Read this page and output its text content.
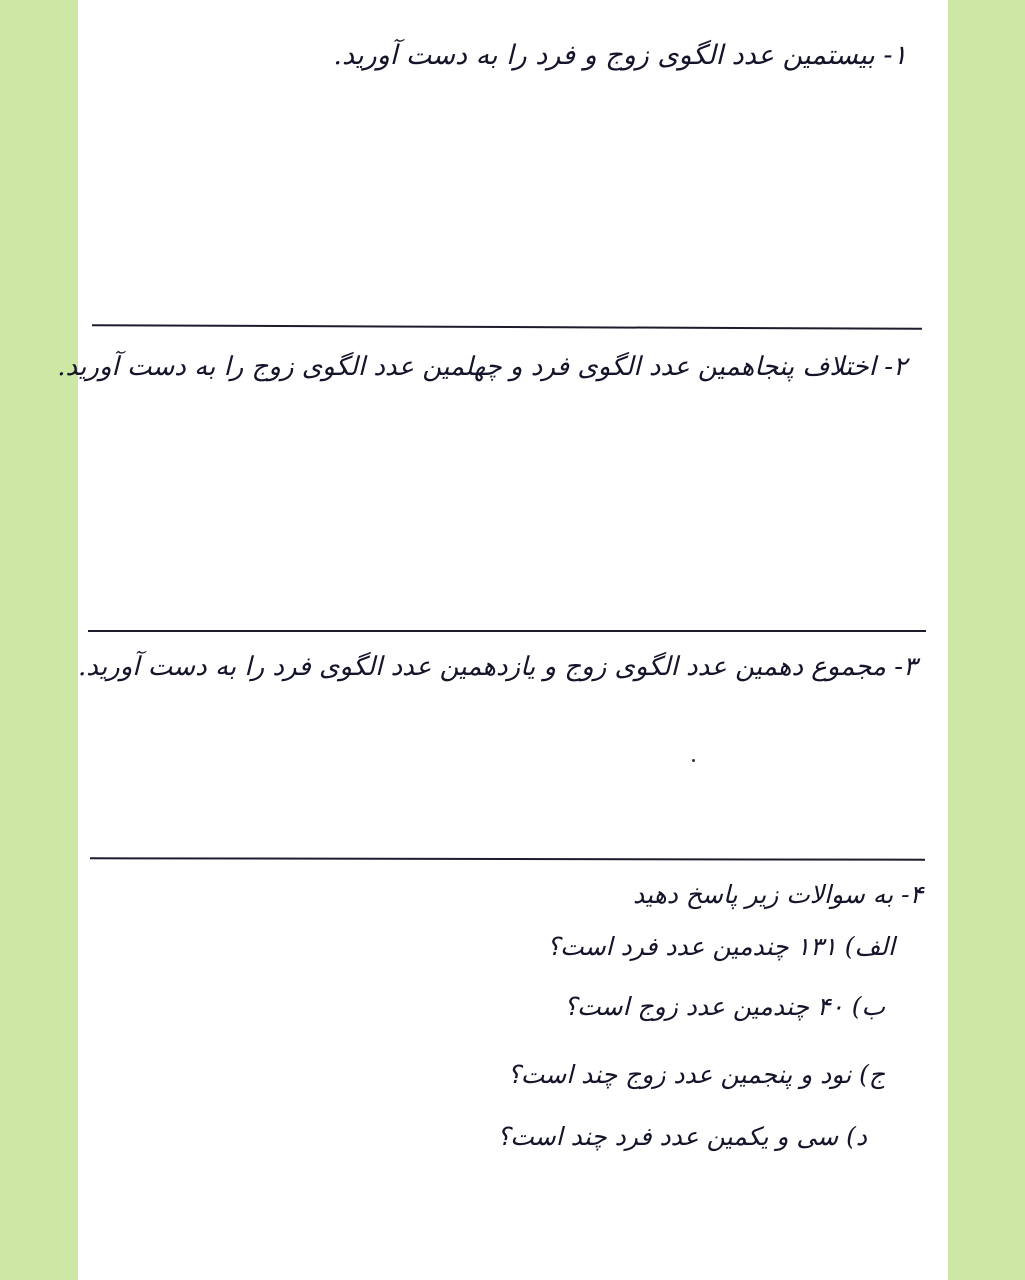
۱- بیستمین عدد الگوی زوج و فرد را به دست آورید.
۲- اختلاف پنجاهمین عدد الگوی فرد و چهلمین عدد الگوی زوج را به دست آورید.
۳- مجموع دهمین عدد الگوی زوج و یازدهمین عدد الگوی فرد را به دست آورید.
۴- به سوالات زیر پاسخ دهید
الف) ۱۳۱ چندمین عدد فرد است؟
ب) ۴۰ چندمین عدد زوج است؟
ج) نود و پنجمین عدد زوج چند است؟
د) سی و یکمین عدد فرد چند است؟
